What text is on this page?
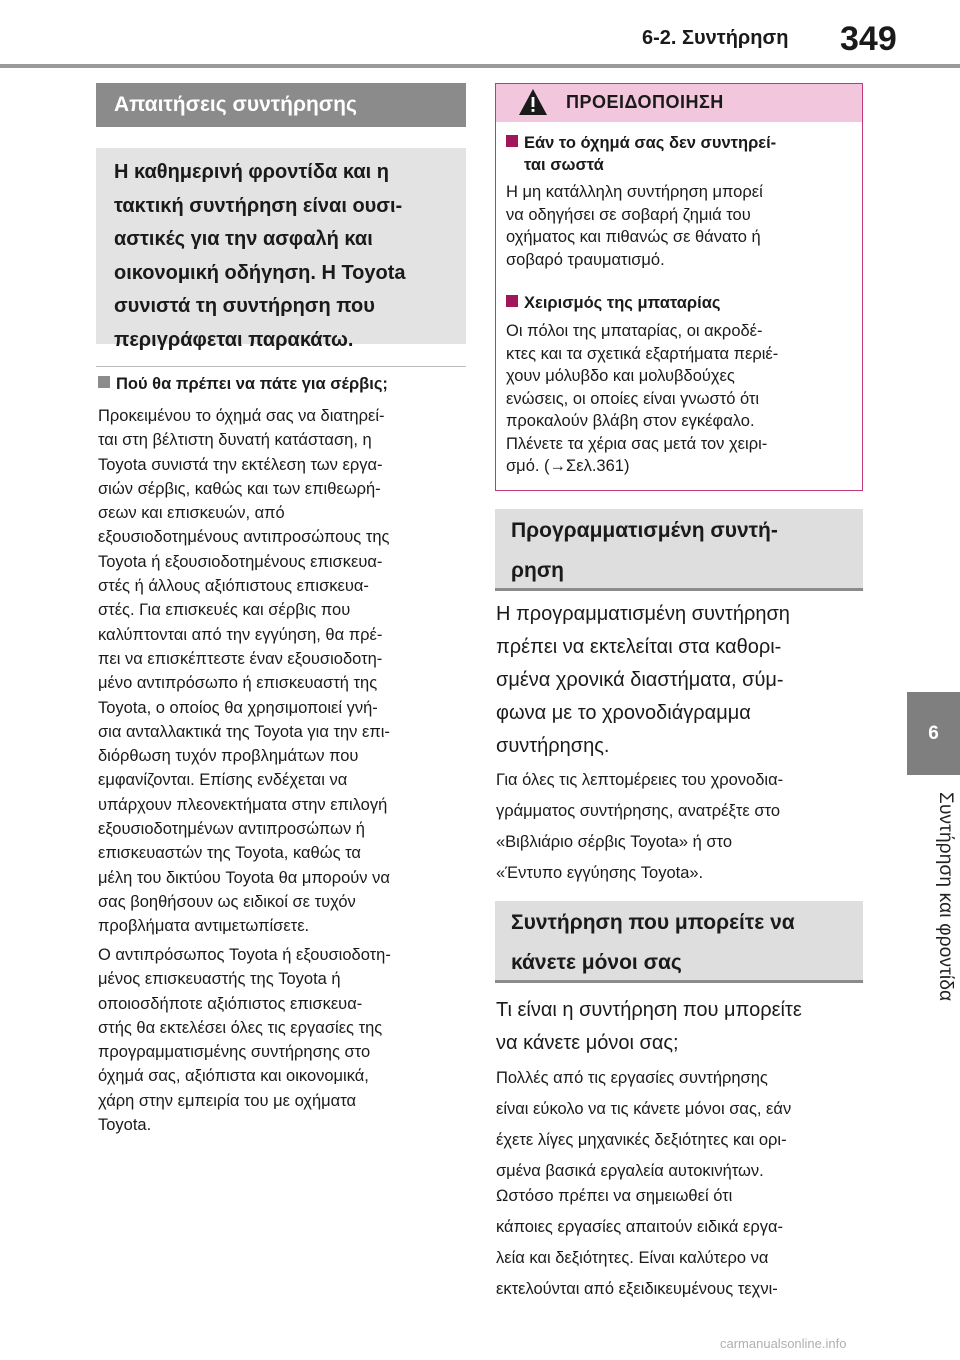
6-2. Συντήρηση 349
6
Συντήρηση και φροντίδα
Απαιτήσεις συντήρησης
Η καθημερινή φροντίδα και η
τακτική συντήρηση είναι ουσι-
αστικές για την ασφαλή και
οικονομική οδήγηση. Η Toyota
συνιστά τη συντήρηση που
περιγράφεται παρακάτω.
Πού θα πρέπει να πάτε για σέρβις;
Προκειμένου το όχημά σας να διατηρεί-
ται στη βέλτιστη δυνατή κατάσταση, η
Toyota συνιστά την εκτέλεση των εργα-
σιών σέρβις, καθώς και των επιθεωρή-
σεων και επισκευών, από
εξουσιοδοτημένους αντιπροσώπους της
Toyota ή εξουσιοδοτημένους επισκευα-
στές ή άλλους αξιόπιστους επισκευα-
στές. Για επισκευές και σέρβις που
καλύπτονται από την εγγύηση, θα πρέ-
πει να επισκέπτεστε έναν εξουσιοδοτη-
μένο αντιπρόσωπο ή επισκευαστή της
Toyota, ο οποίος θα χρησιμοποιεί γνή-
σια ανταλλακτικά της Toyota για την επι-
διόρθωση τυχόν προβλημάτων που
εμφανίζονται. Επίσης ενδέχεται να
υπάρχουν πλεονεκτήματα στην επιλογή
εξουσιοδοτημένων αντιπροσώπων ή
επισκευαστών της Toyota, καθώς τα
μέλη του δικτύου Toyota θα μπορούν να
σας βοηθήσουν ως ειδικοί σε τυχόν
προβλήματα αντιμετωπίσετε.
Ο αντιπρόσωπος Toyota ή εξουσιοδοτη-
μένος επισκευαστής της Toyota ή
οποιοσδήποτε αξιόπιστος επισκευα-
στής θα εκτελέσει όλες τις εργασίες της
προγραμματισμένης συντήρησης στο
όχημά σας, αξιόπιστα και οικονομικά,
χάρη στην εμπειρία του με οχήματα
Toyota.
ΠΡΟΕΙΔΟΠΟΙΗΣΗ
Εάν το όχημά σας δεν συντηρεί-
ται σωστά
Η μη κατάλληλη συντήρηση μπορεί
να οδηγήσει σε σοβαρή ζημιά του
οχήματος και πιθανώς σε θάνατο ή
σοβαρό τραυματισμό.
Χειρισμός της μπαταρίας
Οι πόλοι της μπαταρίας, οι ακροδέ-
κτες και τα σχετικά εξαρτήματα περιέ-
χουν μόλυβδο και μολυβδούχες
ενώσεις, οι οποίες είναι γνωστό ότι
προκαλούν βλάβη στον εγκέφαλο.
Πλένετε τα χέρια σας μετά τον χειρι-
σμό. (→Σελ.361)
Προγραμματισμένη συντή-
ρηση
Η προγραμματισμένη συντήρηση
πρέπει να εκτελείται στα καθορι-
σμένα χρονικά διαστήματα, σύμ-
φωνα με το χρονοδιάγραμμα
συντήρησης.
Για όλες τις λεπτομέρειες του χρονοδια-
γράμματος συντήρησης, ανατρέξτε στο
«Βιβλιάριο σέρβις Toyota» ή στο
«Έντυπο εγγύησης Toyota».
Συντήρηση που μπορείτε να
κάνετε μόνοι σας
Τι είναι η συντήρηση που μπορείτε
να κάνετε μόνοι σας;
Πολλές από τις εργασίες συντήρησης
είναι εύκολο να τις κάνετε μόνοι σας, εάν
έχετε λίγες μηχανικές δεξιότητες και ορι-
σμένα βασικά εργαλεία αυτοκινήτων.
Ωστόσο πρέπει να σημειωθεί ότι
κάποιες εργασίες απαιτούν ειδικά εργα-
λεία και δεξιότητες. Είναι καλύτερο να
εκτελούνται από εξειδικευμένους τεχνι-
carmanualsonline.info
